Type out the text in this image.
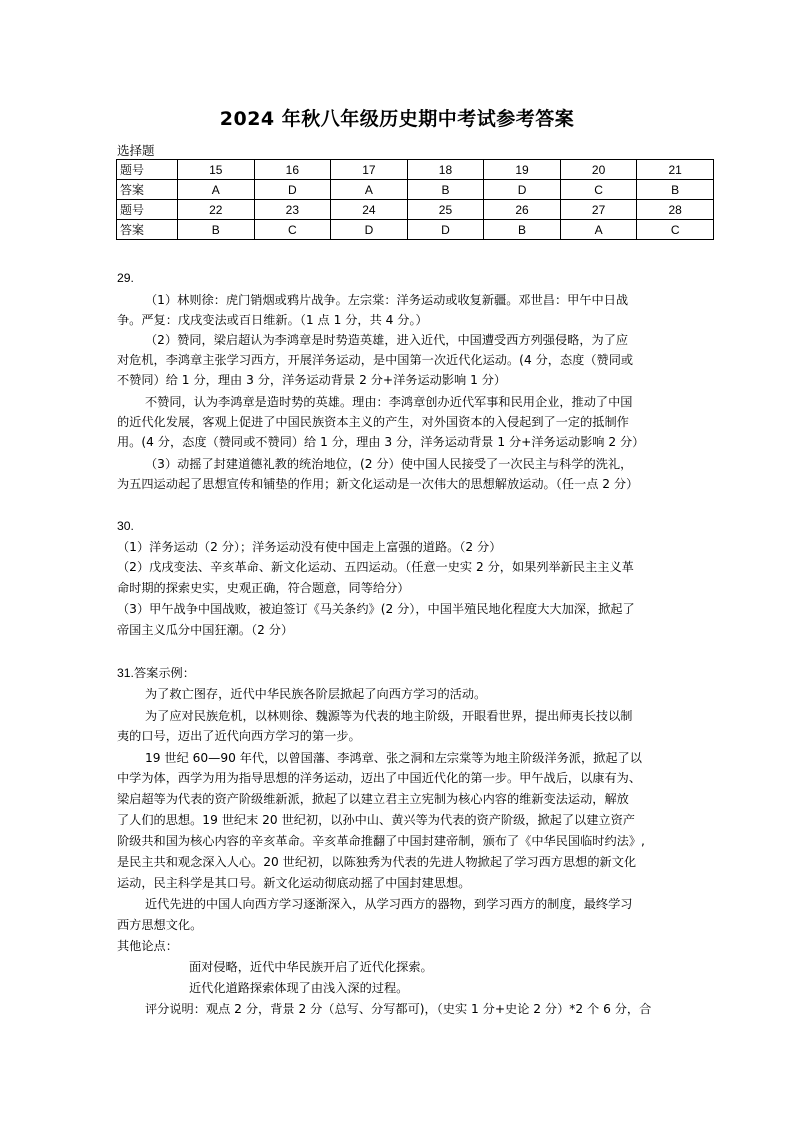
2024 年秋八年级历史期中考试参考答案
选择题
题号	15	16	17	18	19	20	21
答案	A	D	A	B	D	C	B
题号	22	23	24	25	26	27	28
答案	B	C	D	D	B	A	C
29.
（1）林则徐：虎门销烟或鸦片战争。左宗棠：洋务运动或收复新疆。邓世昌：甲午中日战
争。严复：戊戌变法或百日维新。（1 点 1 分，共 4 分。）
（2）赞同，梁启超认为李鸿章是时势造英雄，进入近代，中国遭受西方列强侵略，为了应
对危机，李鸿章主张学习西方，开展洋务运动，是中国第一次近代化运动。(4 分，态度（赞同或
不赞同）给 1 分，理由 3 分，洋务运动背景 2 分+洋务运动影响 1 分）
不赞同，认为李鸿章是造时势的英雄。理由：李鸿章创办近代军事和民用企业，推动了中国
的近代化发展，客观上促进了中国民族资本主义的产生，对外国资本的入侵起到了一定的抵制作
用。(4 分，态度（赞同或不赞同）给 1 分，理由 3 分，洋务运动背景 1 分+洋务运动影响 2 分）
（3）动摇了封建道德礼教的统治地位，(2 分）使中国人民接受了一次民主与科学的洗礼，
为五四运动起了思想宣传和铺垫的作用；新文化运动是一次伟大的思想解放运动。（任一点 2 分）
30.
（1）洋务运动（2 分）；洋务运动没有使中国走上富强的道路。（2 分）
（2）戊戌变法、辛亥革命、新文化运动、五四运动。（任意一史实 2 分，如果列举新民主主义革
命时期的探索史实，史观正确，符合题意，同等给分）
（3）甲午战争中国战败，被迫签订《马关条约》(2 分），中国半殖民地化程度大大加深，掀起了
帝国主义瓜分中国狂潮。（2 分）
31.答案示例：
为了救亡图存，近代中华民族各阶层掀起了向西方学习的活动。
为了应对民族危机，以林则徐、魏源等为代表的地主阶级，开眼看世界，提出师夷长技以制
夷的口号，迈出了近代向西方学习的第一步。
19 世纪 60—90 年代，以曾国藩、李鸿章、张之洞和左宗棠等为地主阶级洋务派，掀起了以
中学为体，西学为用为指导思想的洋务运动，迈出了中国近代化的第一步。甲午战后，以康有为、
梁启超等为代表的资产阶级维新派，掀起了以建立君主立宪制为核心内容的维新变法运动，解放
了人们的思想。19 世纪末 20 世纪初，以孙中山、黄兴等为代表的资产阶级，掀起了以建立资产
阶级共和国为核心内容的辛亥革命。辛亥革命推翻了中国封建帝制，颁布了《中华民国临时约法》,
是民主共和观念深入人心。20 世纪初，以陈独秀为代表的先进人物掀起了学习西方思想的新文化
运动，民主科学是其口号。新文化运动彻底动摇了中国封建思想。
近代先进的中国人向西方学习逐渐深入，从学习西方的器物，到学习西方的制度，最终学习
西方思想文化。
其他论点：
面对侵略，近代中华民族开启了近代化探索。
近代化道路探索体现了由浅入深的过程。
评分说明：观点 2 分，背景 2 分（总写、分写都可)，（史实 1 分+史论 2 分）*2 个 6 分，合
